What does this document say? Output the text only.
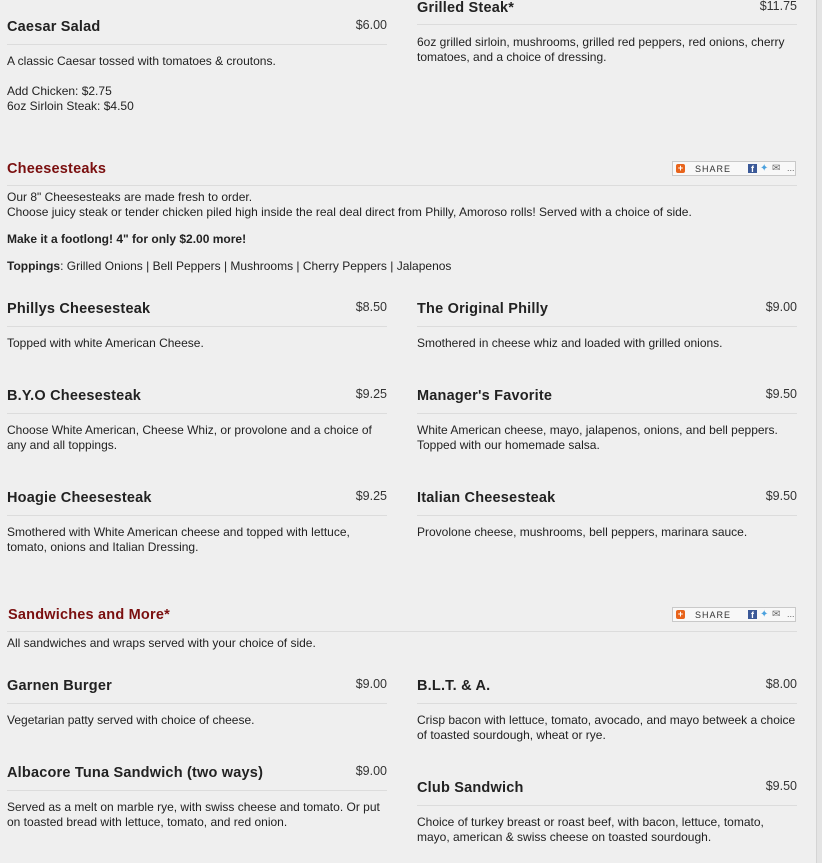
Caesar Salad	$6.00

A classic Caesar tossed with tomatoes & croutons.

Add Chicken: $2.75

6oz Sirloin Steak: $4.50

Grilled Steak*	$11.75
6oz grilled sirloin, mushrooms, grilled red peppers, red onions, cherry tomatoes, and a choice of dressing.
Cheesesteaks	+ SHARE	f ✦ ✉ ...

Our 8" Cheesesteaks are made fresh to order.

Choose juicy steak or tender chicken piled high inside the real deal direct from Philly, Amoroso rolls! Served with a choice of side.

Make it a footlong! 4" for only $2.00 more!
Toppings: Grilled Onions | Bell Peppers | Mushrooms | Cherry Peppers | Jalapenos
Phillys Cheesesteak	$8.50
Topped with white American Cheese.
The Original Philly	$9.00
Smothered in cheese whiz and loaded with grilled onions.
B.Y.O Cheesesteak	$9.25
Choose White American, Cheese Whiz, or provolone and a choice of any and all toppings.
Manager's Favorite	$9.50
White American cheese, mayo, jalapenos, onions, and bell peppers. Topped with our homemade salsa.
Hoagie Cheesesteak	$9.25
Smothered with White American cheese and topped with lettuce, tomato, onions and Italian Dressing.
Italian Cheesesteak	$9.50
Provolone cheese, mushrooms, bell peppers, marinara sauce.
Sandwiches and More*	+ SHARE	f ✦ ✉ ...
All sandwiches and wraps served with your choice of side.
Garnen Burger	$9.00
Vegetarian patty served with choice of cheese.
B.L.T. & A.	$8.00
Crisp bacon with lettuce, tomato, avocado, and mayo betweek a choice of toasted sourdough, wheat or rye.
Albacore Tuna Sandwich (two ways)	$9.00
Served as a melt on marble rye, with swiss cheese and tomato. Or put on toasted bread with lettuce, tomato, and red onion.
Club Sandwich	$9.50
Choice of turkey breast or roast beef, with bacon, lettuce, tomato, mayo, american & swiss cheese on toasted sourdough.
